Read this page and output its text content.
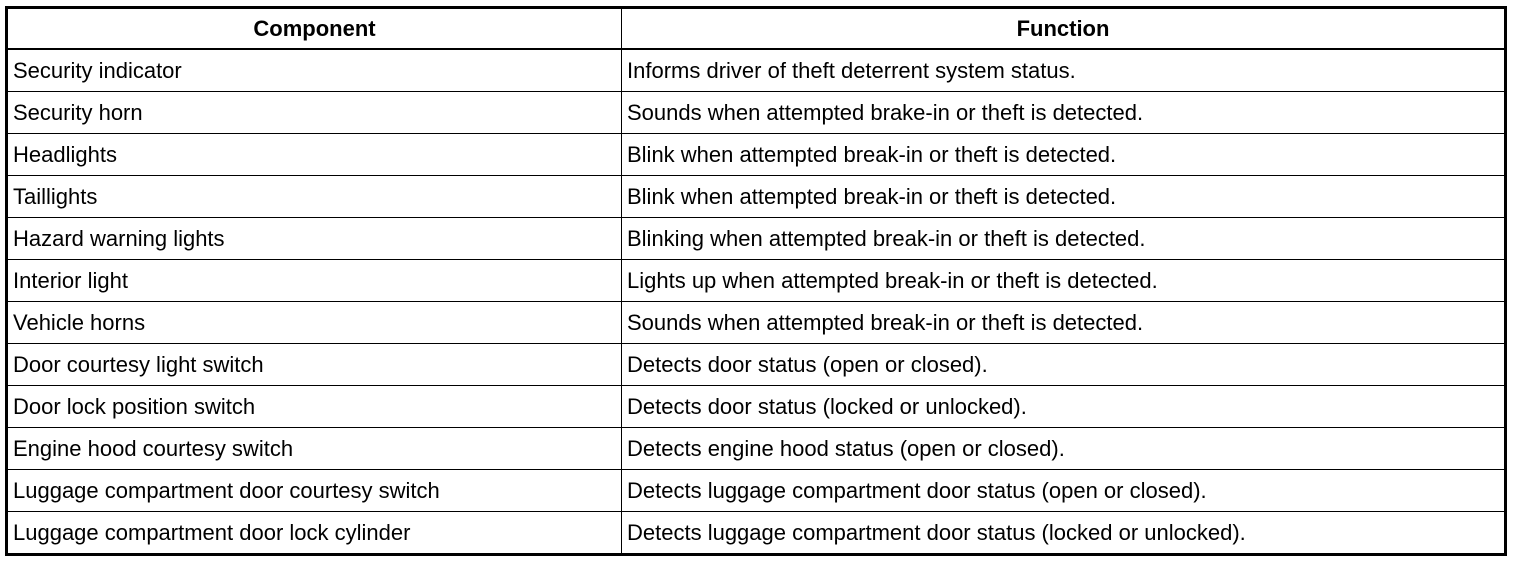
Component	Function
Security indicator	Informs driver of theft deterrent system status.
Security horn	Sounds when attempted brake-in or theft is detected.
Headlights	Blink when attempted break-in or theft is detected.
Taillights	Blink when attempted break-in or theft is detected.
Hazard warning lights	Blinking when attempted break-in or theft is detected.
Interior light	Lights up when attempted break-in or theft is detected.
Vehicle horns	Sounds when attempted break-in or theft is detected.
Door courtesy light switch	Detects door status (open or closed).
Door lock position switch	Detects door status (locked or unlocked).
Engine hood courtesy switch	Detects engine hood status (open or closed).
Luggage compartment door courtesy switch	Detects luggage compartment door status (open or closed).
Luggage compartment door lock cylinder	Detects luggage compartment door status (locked or unlocked).
